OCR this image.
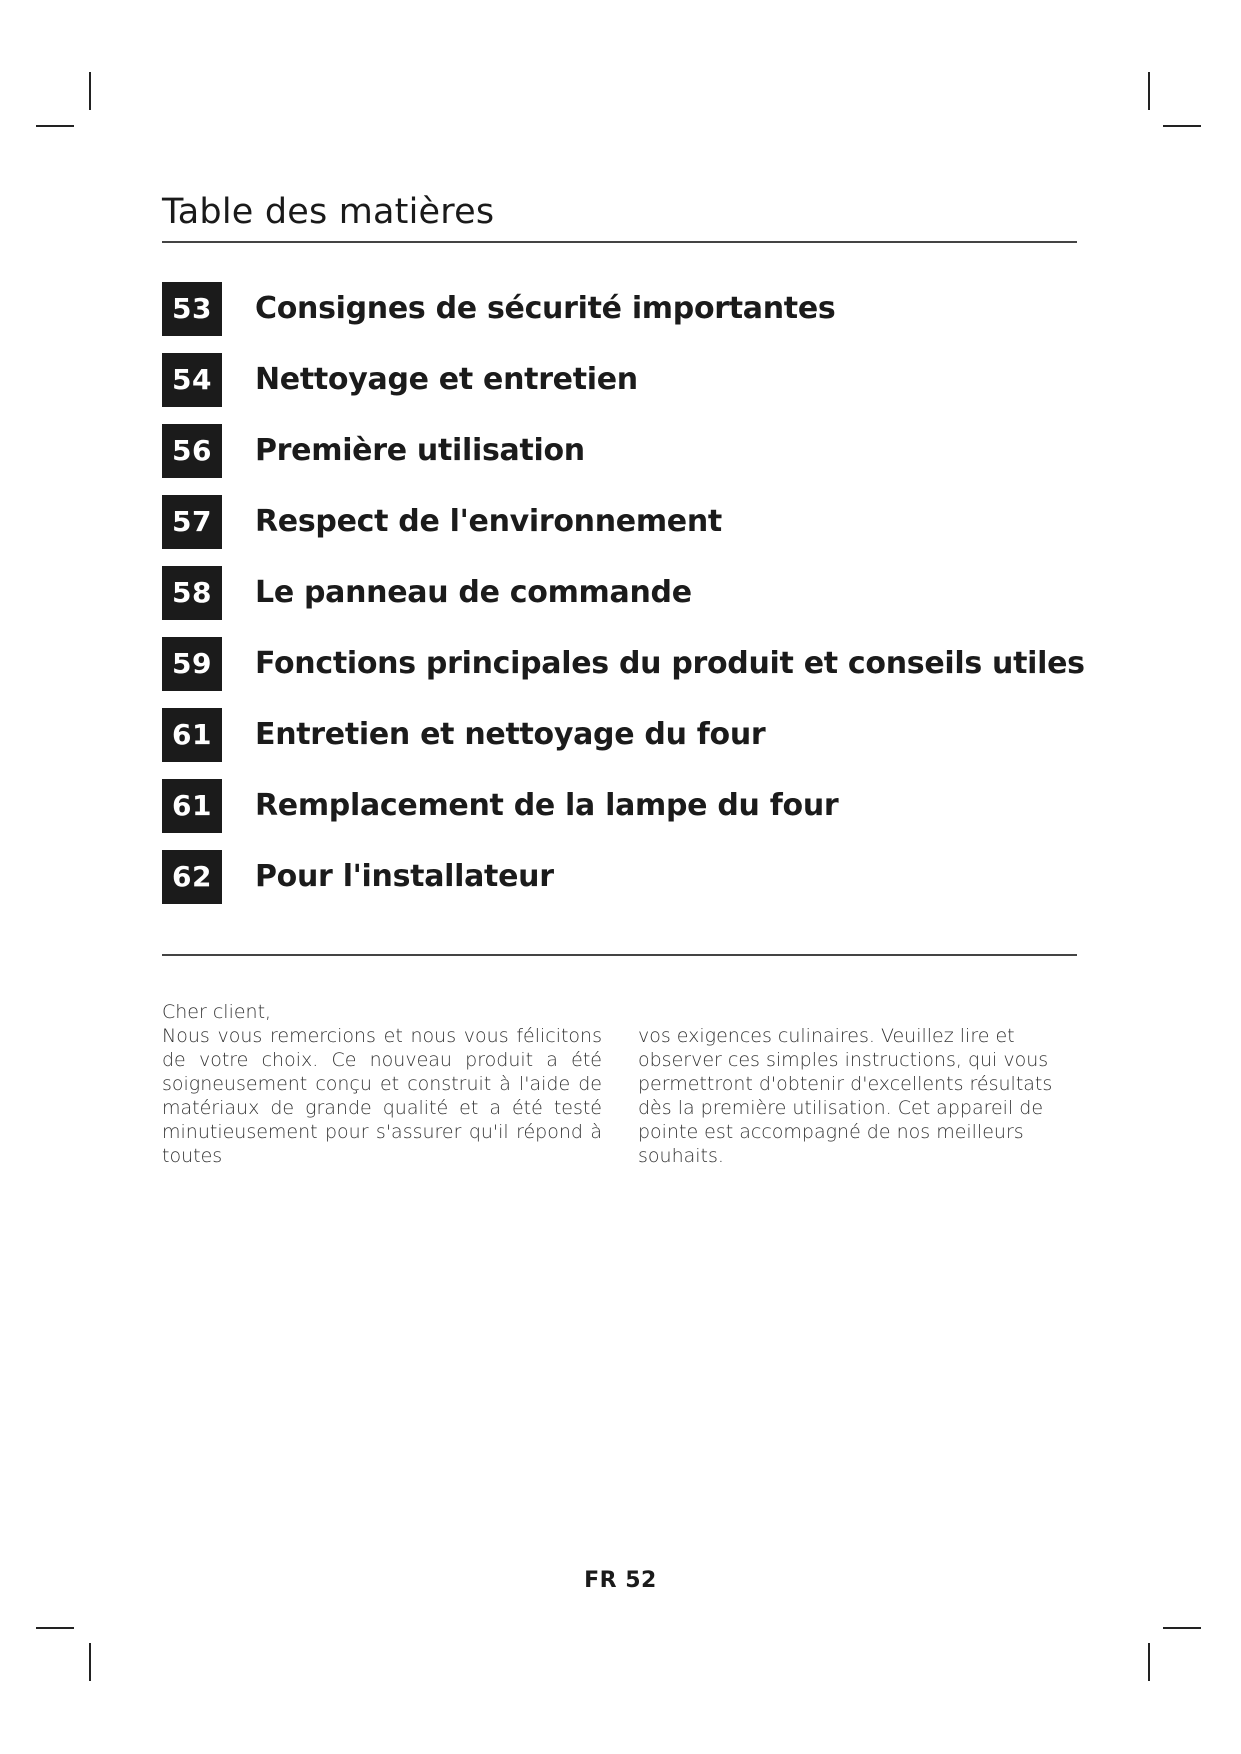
Table des matières
53	Consignes de sécurité importantes
54	Nettoyage et entretien
56	Première utilisation
57	Respect de l'environnement
58	Le panneau de commande
59	Fonctions principales du produit et conseils utiles
61	Entretien et nettoyage du four
61	Remplacement de la lampe du four
62	Pour l'installateur

Cher client,

Nous vous remercions et nous vous félicitons de votre choix. Ce nouveau produit a été soigneusement conçu et construit à l'aide de matériaux de grande qualité et a été testé minutieusement pour s'assurer qu'il répond à toutes

vos exigences culinaires. Veuillez lire et observer ces simples instructions, qui vous permettront d'obtenir d'excellents résultats dès la première utilisation. Cet appareil de pointe est accompagné de nos meilleurs souhaits.

FR 52
